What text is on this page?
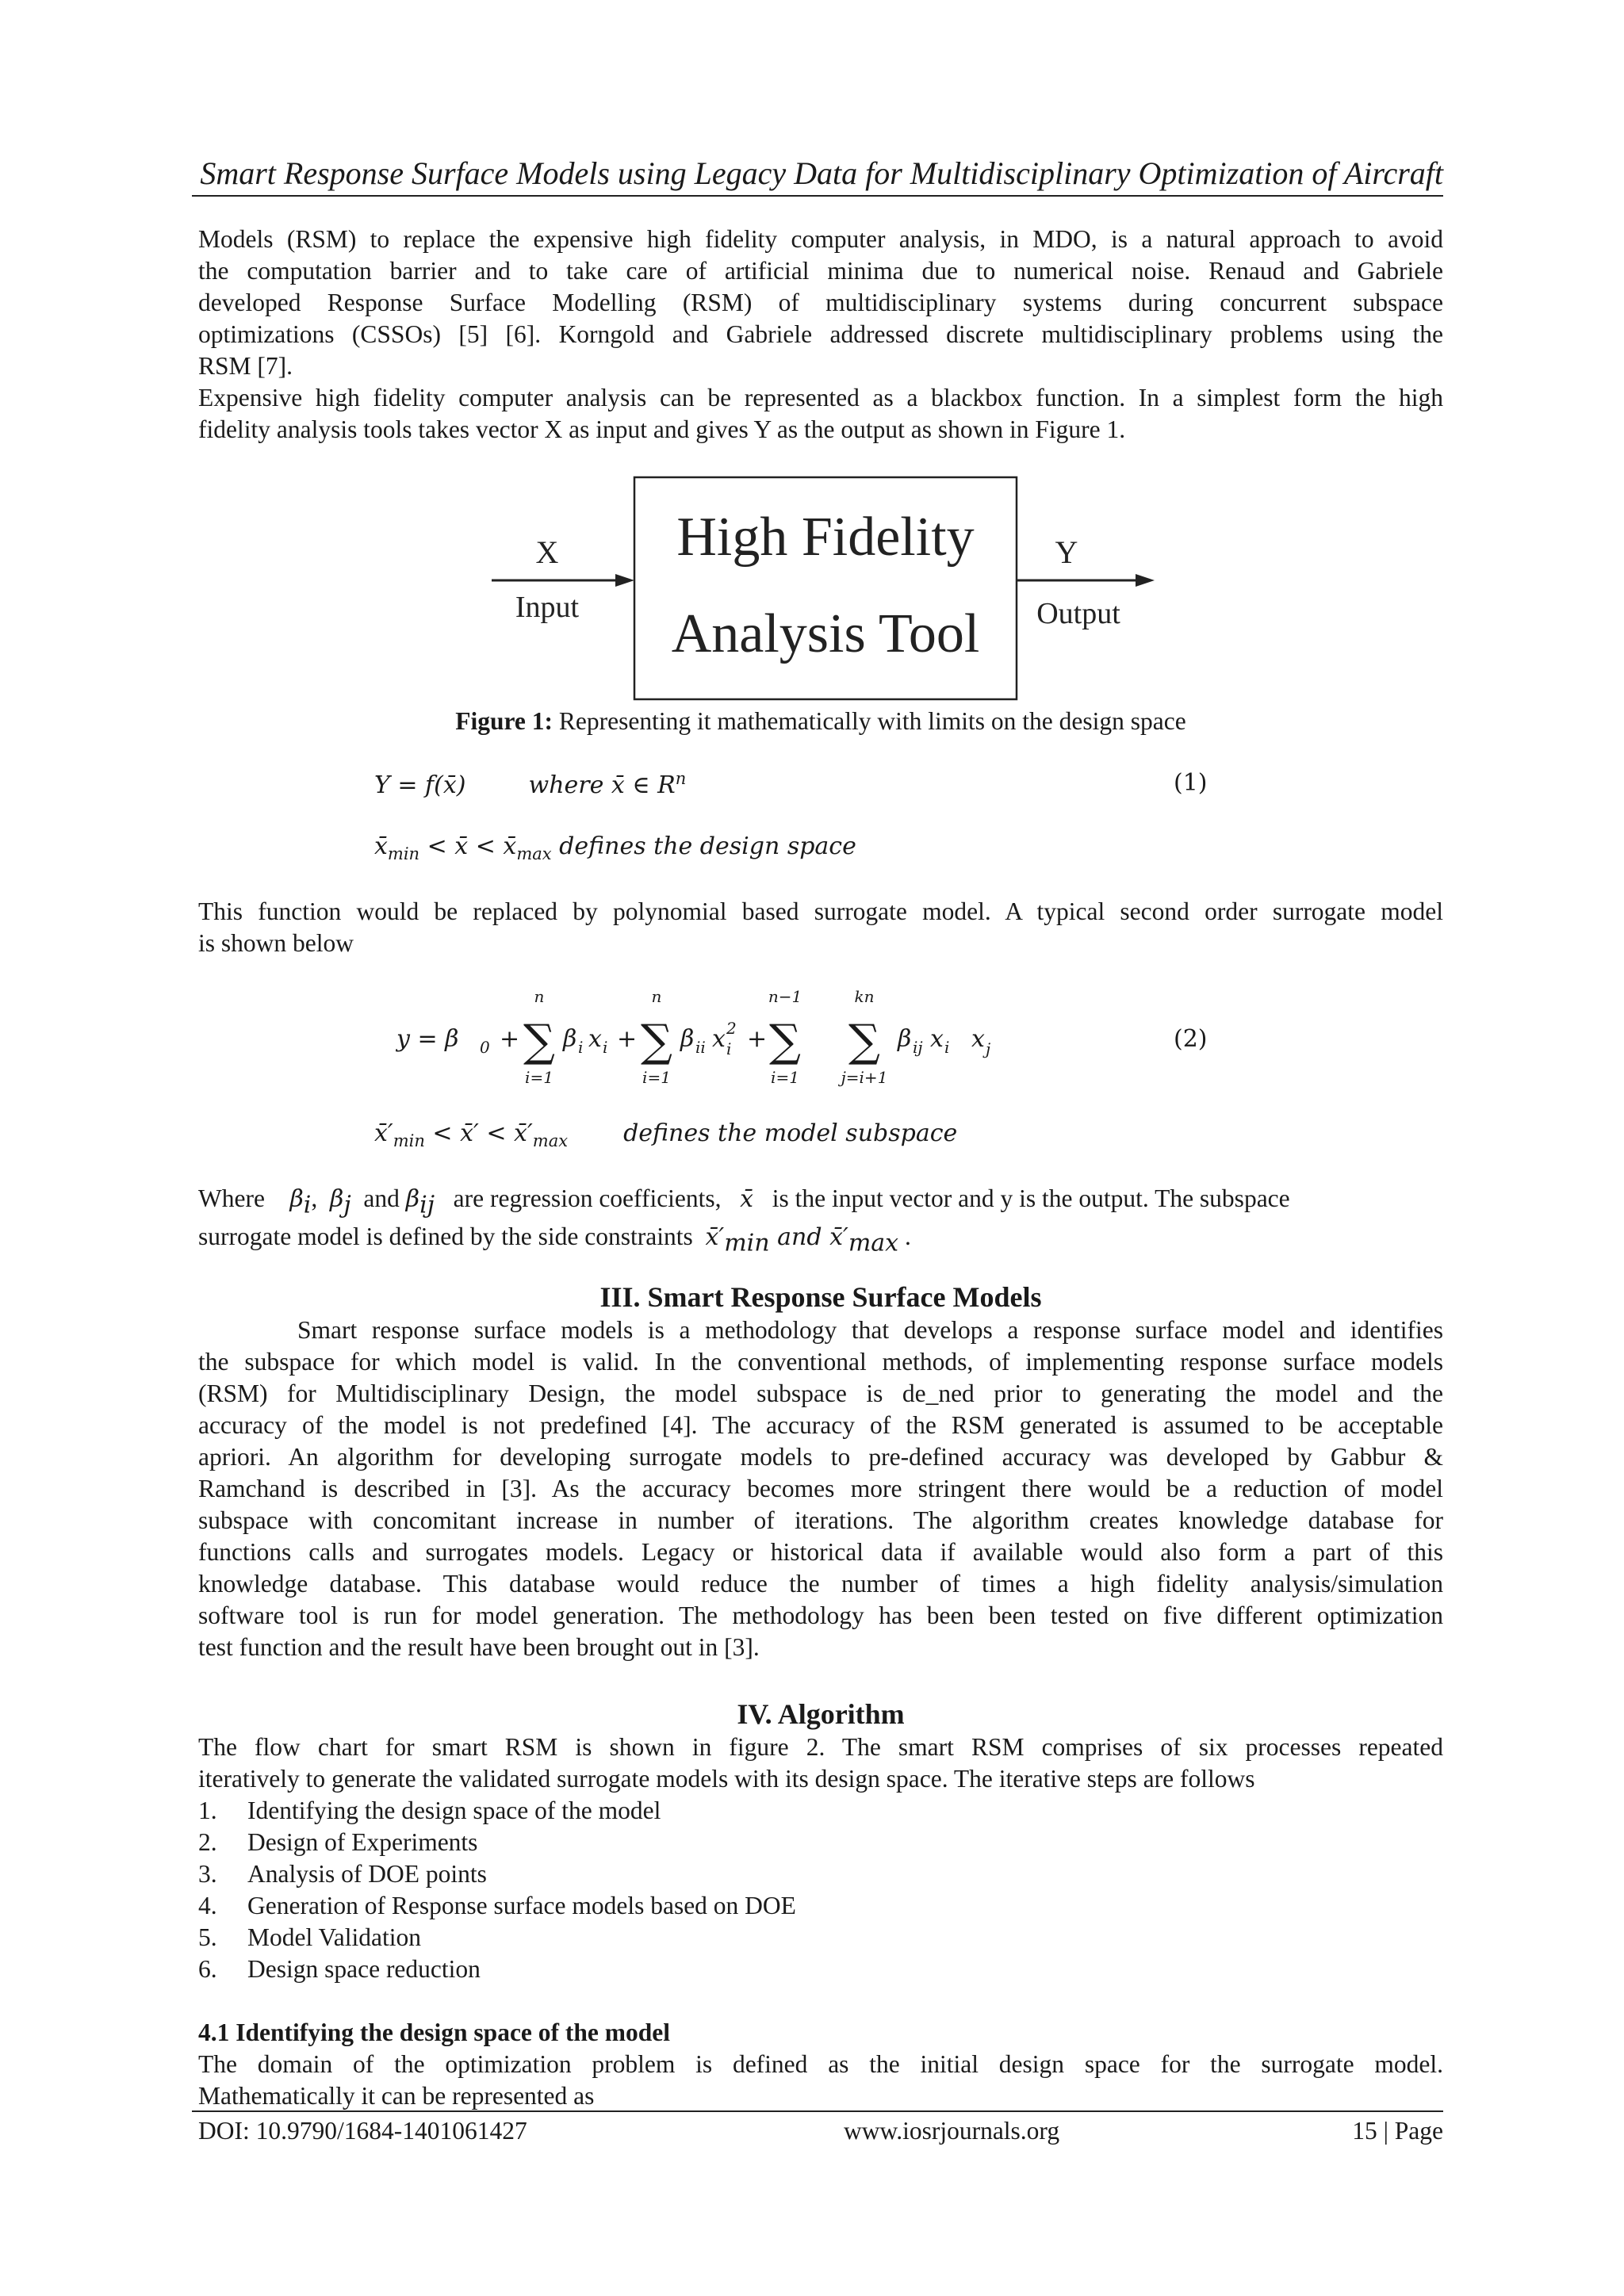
Smart Response Surface Models using Legacy Data for Multidisciplinary Optimization of Aircraft
Models (RSM) to replace the expensive high fidelity computer analysis, in MDO, is a natural approach to avoid
the computation barrier and to take care of artificial minima due to numerical noise. Renaud and Gabriele
developed Response Surface Modelling (RSM) of multidisciplinary systems during concurrent subspace
optimizations (CSSOs) [5] [6]. Korngold and Gabriele addressed discrete multidisciplinary problems using the
RSM [7].
Expensive high fidelity computer analysis can be represented as a blackbox function. In a simplest form the high
fidelity analysis tools takes vector X as input and gives Y as the output as shown in Figure 1.
X
Input
High Fidelity
Analysis Tool
Y
Output
Figure 1: Representing it mathematically with limits on the design space
Y = f(x̄)	where x̄ ∈ $R^n$	(1)
$x̄_{min}$ < x̄ < $x̄_{max}$ defines the design space
This function would be replaced by polynomial based surrogate model. A typical second order surrogate model
is shown below
y = β 0 +
n
∑
i=1
β i x i +
n
∑
i=1
β ii x i
2 +
n−1
∑
i=1
kn
∑
j=i+1
β ij x i x j	(2)
$x̄'_{min}$ < x̄′ < $x̄'_{max}$ defines the model subspace
Where $\beta_i$,  $\beta_j$ and $\beta_{ij}$ are regression coefficients, x̄ is the input vector and y is the output. The subspace
surrogate model is defined by the side constraints $x̄'_{min}$ and $x̄'_{max}$ .
III. Smart Response Surface Models
Smart response surface models is a methodology that develops a response surface model and identifies
the subspace for which model is valid. In the conventional methods, of implementing response surface models
(RSM) for Multidisciplinary Design, the model subspace is de_ned prior to generating the model and the
accuracy of the model is not predefined [4]. The accuracy of the RSM generated is assumed to be acceptable
apriori. An algorithm for developing surrogate models to pre-defined accuracy was developed by Gabbur &
Ramchand is described in [3]. As the accuracy becomes more stringent there would be a reduction of model
subspace with concomitant increase in number of iterations. The algorithm creates knowledge database for
functions calls and surrogates models. Legacy or historical data if available would also form a part of this
knowledge database. This database would reduce the number of times a high fidelity analysis/simulation
software tool is run for model generation. The methodology has been been tested on five different optimization
test function and the result have been brought out in [3].
IV. Algorithm
The flow chart for smart RSM is shown in figure 2. The smart RSM comprises of six processes repeated
iteratively to generate the validated surrogate models with its design space. The iterative steps are follows
1. Identifying the design space of the model
2. Design of Experiments
3. Analysis of DOE points
4. Generation of Response surface models based on DOE
5. Model Validation
6. Design space reduction
4.1 Identifying the design space of the model
The domain of the optimization problem is defined as the initial design space for the surrogate model.
Mathematically it can be represented as
DOI: 10.9790/1684-1401061427	www.iosrjournals.org	15 | Page
